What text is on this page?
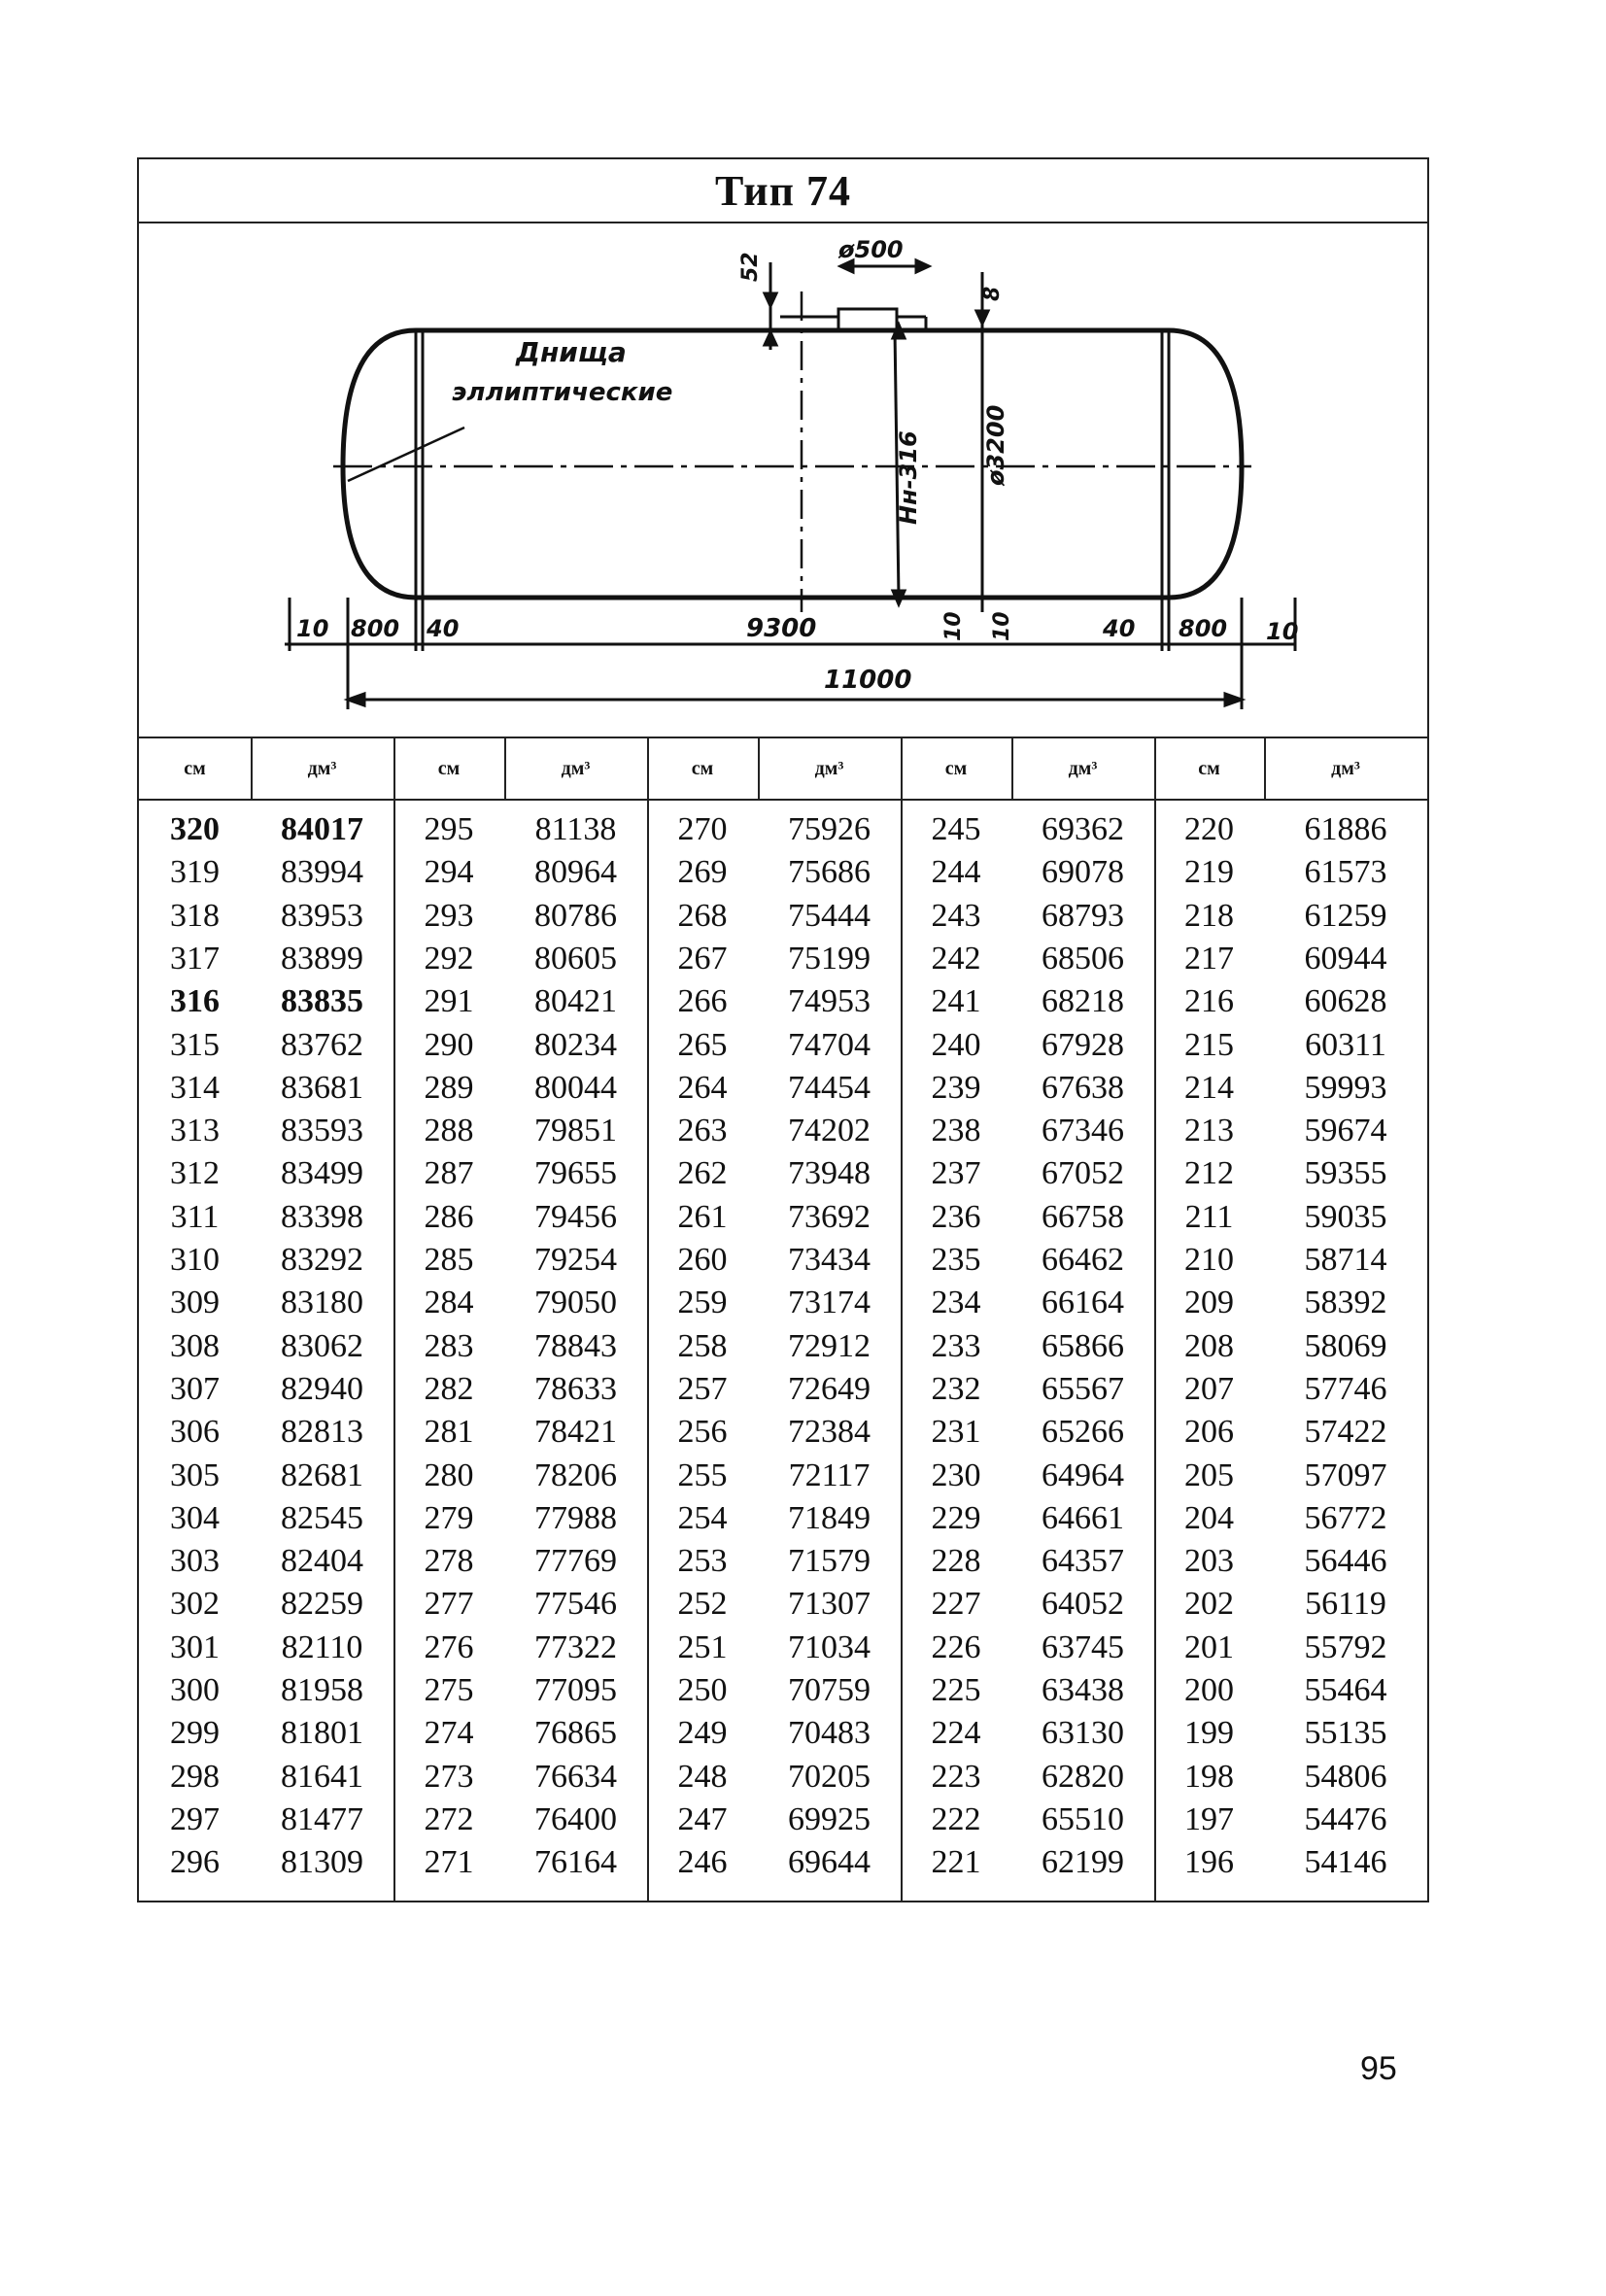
Тип 74
Днища
эллиптические
52
ø500
8
ø3200
Hн-316
10 800 40	9300	10 10	40 800 10
11000
см	дм³
320	84017
319	83994
318	83953
317	83899
316	83835
315	83762
314	83681
313	83593
312	83499
311	83398
310	83292
309	83180
308	83062
307	82940
306	82813
305	82681
304	82545
303	82404
302	82259
301	82110
300	81958
299	81801
298	81641
297	81477
296	81309
см	дм³
295	81138
294	80964
293	80786
292	80605
291	80421
290	80234
289	80044
288	79851
287	79655
286	79456
285	79254
284	79050
283	78843
282	78633
281	78421
280	78206
279	77988
278	77769
277	77546
276	77322
275	77095
274	76865
273	76634
272	76400
271	76164
см	дм³
270	75926
269	75686
268	75444
267	75199
266	74953
265	74704
264	74454
263	74202
262	73948
261	73692
260	73434
259	73174
258	72912
257	72649
256	72384
255	72117
254	71849
253	71579
252	71307
251	71034
250	70759
249	70483
248	70205
247	69925
246	69644
см	дм³
245	69362
244	69078
243	68793
242	68506
241	68218
240	67928
239	67638
238	67346
237	67052
236	66758
235	66462
234	66164
233	65866
232	65567
231	65266
230	64964
229	64661
228	64357
227	64052
226	63745
225	63438
224	63130
223	62820
222	65510
221	62199
см	дм³
220	61886
219	61573
218	61259
217	60944
216	60628
215	60311
214	59993
213	59674
212	59355
211	59035
210	58714
209	58392
208	58069
207	57746
206	57422
205	57097
204	56772
203	56446
202	56119
201	55792
200	55464
199	55135
198	54806
197	54476
196	54146
95
